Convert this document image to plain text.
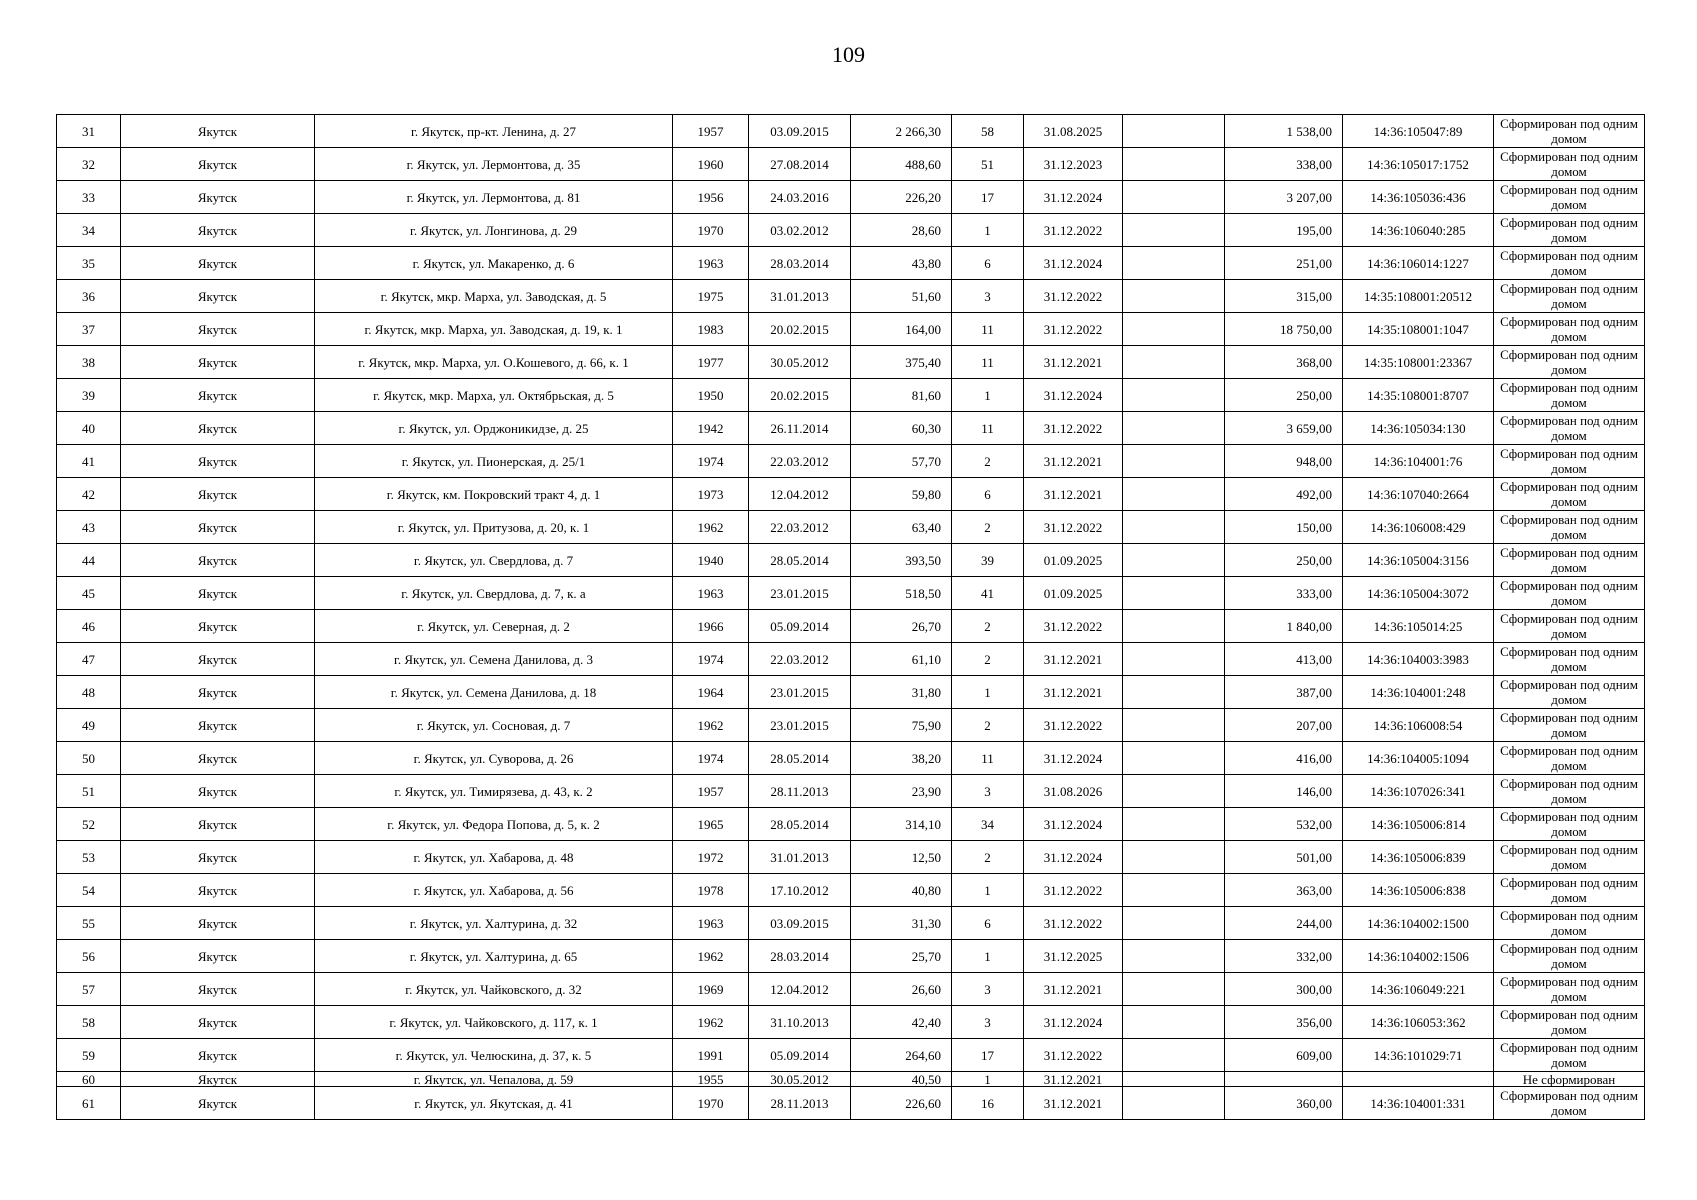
109
31	Якутск	г. Якутск, пр-кт. Ленина, д. 27	1957	03.09.2015	2 266,30	58	31.08.2025		1 538,00	14:36:105047:89	Сформирован под одним домом
32	Якутск	г. Якутск, ул. Лермонтова, д. 35	1960	27.08.2014	488,60	51	31.12.2023		338,00	14:36:105017:1752	Сформирован под одним домом
33	Якутск	г. Якутск, ул. Лермонтова, д. 81	1956	24.03.2016	226,20	17	31.12.2024		3 207,00	14:36:105036:436	Сформирован под одним домом
34	Якутск	г. Якутск, ул. Лонгинова, д. 29	1970	03.02.2012	28,60	1	31.12.2022		195,00	14:36:106040:285	Сформирован под одним домом
35	Якутск	г. Якутск, ул. Макаренко, д. 6	1963	28.03.2014	43,80	6	31.12.2024		251,00	14:36:106014:1227	Сформирован под одним домом
36	Якутск	г. Якутск, мкр. Марха, ул. Заводская, д. 5	1975	31.01.2013	51,60	3	31.12.2022		315,00	14:35:108001:20512	Сформирован под одним домом
37	Якутск	г. Якутск, мкр. Марха, ул. Заводская, д. 19, к. 1	1983	20.02.2015	164,00	11	31.12.2022		18 750,00	14:35:108001:1047	Сформирован под одним домом
38	Якутск	г. Якутск, мкр. Марха, ул. О.Кошевого, д. 66, к. 1	1977	30.05.2012	375,40	11	31.12.2021		368,00	14:35:108001:23367	Сформирован под одним домом
39	Якутск	г. Якутск, мкр. Марха, ул. Октябрьская, д. 5	1950	20.02.2015	81,60	1	31.12.2024		250,00	14:35:108001:8707	Сформирован под одним домом
40	Якутск	г. Якутск, ул. Орджоникидзе, д. 25	1942	26.11.2014	60,30	11	31.12.2022		3 659,00	14:36:105034:130	Сформирован под одним домом
41	Якутск	г. Якутск, ул. Пионерская, д. 25/1	1974	22.03.2012	57,70	2	31.12.2021		948,00	14:36:104001:76	Сформирован под одним домом
42	Якутск	г. Якутск, км. Покровский тракт 4, д. 1	1973	12.04.2012	59,80	6	31.12.2021		492,00	14:36:107040:2664	Сформирован под одним домом
43	Якутск	г. Якутск, ул. Притузова, д. 20, к. 1	1962	22.03.2012	63,40	2	31.12.2022		150,00	14:36:106008:429	Сформирован под одним домом
44	Якутск	г. Якутск, ул. Свердлова, д. 7	1940	28.05.2014	393,50	39	01.09.2025		250,00	14:36:105004:3156	Сформирован под одним домом
45	Якутск	г. Якутск, ул. Свердлова, д. 7, к. а	1963	23.01.2015	518,50	41	01.09.2025		333,00	14:36:105004:3072	Сформирован под одним домом
46	Якутск	г. Якутск, ул. Северная, д. 2	1966	05.09.2014	26,70	2	31.12.2022		1 840,00	14:36:105014:25	Сформирован под одним домом
47	Якутск	г. Якутск, ул. Семена Данилова, д. 3	1974	22.03.2012	61,10	2	31.12.2021		413,00	14:36:104003:3983	Сформирован под одним домом
48	Якутск	г. Якутск, ул. Семена Данилова, д. 18	1964	23.01.2015	31,80	1	31.12.2021		387,00	14:36:104001:248	Сформирован под одним домом
49	Якутск	г. Якутск, ул. Сосновая, д. 7	1962	23.01.2015	75,90	2	31.12.2022		207,00	14:36:106008:54	Сформирован под одним домом
50	Якутск	г. Якутск, ул. Суворова, д. 26	1974	28.05.2014	38,20	11	31.12.2024		416,00	14:36:104005:1094	Сформирован под одним домом
51	Якутск	г. Якутск, ул. Тимирязева, д. 43, к. 2	1957	28.11.2013	23,90	3	31.08.2026		146,00	14:36:107026:341	Сформирован под одним домом
52	Якутск	г. Якутск, ул. Федора Попова, д. 5, к. 2	1965	28.05.2014	314,10	34	31.12.2024		532,00	14:36:105006:814	Сформирован под одним домом
53	Якутск	г. Якутск, ул. Хабарова, д. 48	1972	31.01.2013	12,50	2	31.12.2024		501,00	14:36:105006:839	Сформирован под одним домом
54	Якутск	г. Якутск, ул. Хабарова, д. 56	1978	17.10.2012	40,80	1	31.12.2022		363,00	14:36:105006:838	Сформирован под одним домом
55	Якутск	г. Якутск, ул. Халтурина, д. 32	1963	03.09.2015	31,30	6	31.12.2022		244,00	14:36:104002:1500	Сформирован под одним домом
56	Якутск	г. Якутск, ул. Халтурина, д. 65	1962	28.03.2014	25,70	1	31.12.2025		332,00	14:36:104002:1506	Сформирован под одним домом
57	Якутск	г. Якутск, ул. Чайковского, д. 32	1969	12.04.2012	26,60	3	31.12.2021		300,00	14:36:106049:221	Сформирован под одним домом
58	Якутск	г. Якутск, ул. Чайковского, д. 117, к. 1	1962	31.10.2013	42,40	3	31.12.2024		356,00	14:36:106053:362	Сформирован под одним домом
59	Якутск	г. Якутск, ул. Челюскина, д. 37, к. 5	1991	05.09.2014	264,60	17	31.12.2022		609,00	14:36:101029:71	Сформирован под одним домом
60	Якутск	г. Якутск, ул. Чепалова, д. 59	1955	30.05.2012	40,50	1	31.12.2021				Не сформирован
61	Якутск	г. Якутск, ул. Якутская, д. 41	1970	28.11.2013	226,60	16	31.12.2021		360,00	14:36:104001:331	Сформирован под одним домом
